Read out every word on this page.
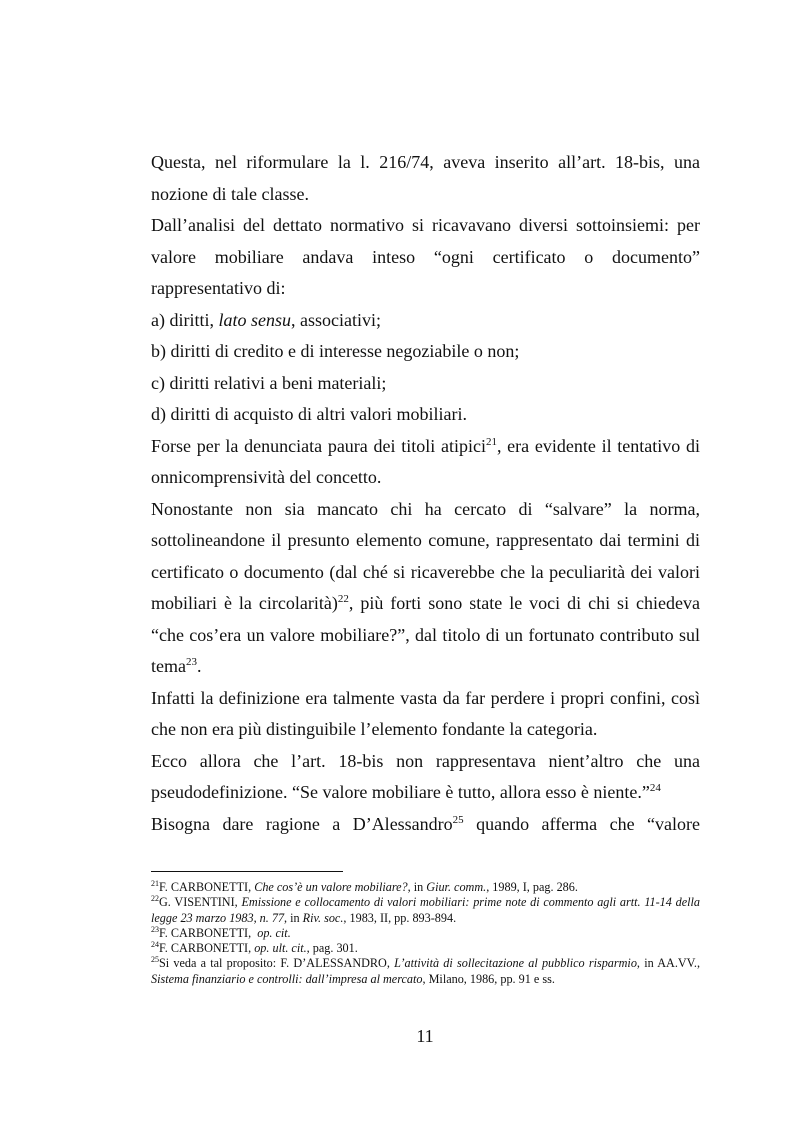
Questa, nel riformulare la l. 216/74, aveva inserito all’art. 18-bis, una nozione di tale classe.

Dall’analisi del dettato normativo si ricavavano diversi sottoinsiemi: per valore mobiliare andava inteso “ogni certificato o documento” rappresentativo di:

a) diritti, lato sensu, associativi;

b) diritti di credito e di interesse negoziabile o non;

c) diritti relativi a beni materiali;

d) diritti di acquisto di altri valori mobiliari.

Forse per la denunciata paura dei titoli atipici$^{21}$, era evidente il tentativo di onnicomprensività del concetto.

Nonostante non sia mancato chi ha cercato di “salvare” la norma, sottolineandone il presunto elemento comune, rappresentato dai termini di certificato o documento (dal ché si ricaverebbe che la peculiarità dei valori mobiliari è la circolarità)$^{22}$, più forti sono state le voci di chi si chiedeva “che cos’era un valore mobiliare?”, dal titolo di un fortunato contributo sul tema$^{23}$.

Infatti la definizione era talmente vasta da far perdere i propri confini, così che non era più distinguibile l’elemento fondante la categoria.

Ecco allora che l’art. 18-bis non rappresentava nient’altro che una pseudodefinizione. “Se valore mobiliare è tutto, allora esso è niente.”$^{24}$

Bisogna dare ragione a D’Alessandro$^{25}$ quando afferma che “valore

$^{21}$F. CARBONETTI, Che cos’è un valore mobiliare?, in Giur. comm., 1989, I, pag. 286.

$^{22}$G. VISENTINI, Emissione e collocamento di valori mobiliari: prime note di commento agli artt. 11-14 della legge 23 marzo 1983, n. 77, in Riv. soc., 1983, II, pp. 893-894.

$^{23}$F. CARBONETTI,  op. cit.

$^{24}$F. CARBONETTI, op. ult. cit., pag. 301.

$^{25}$Si veda a tal proposito: F. D’ALESSANDRO, L’attività di sollecitazione al pubblico risparmio, in AA.VV., Sistema finanziario e controlli: dall’impresa al mercato, Milano, 1986, pp. 91 e ss.

11
